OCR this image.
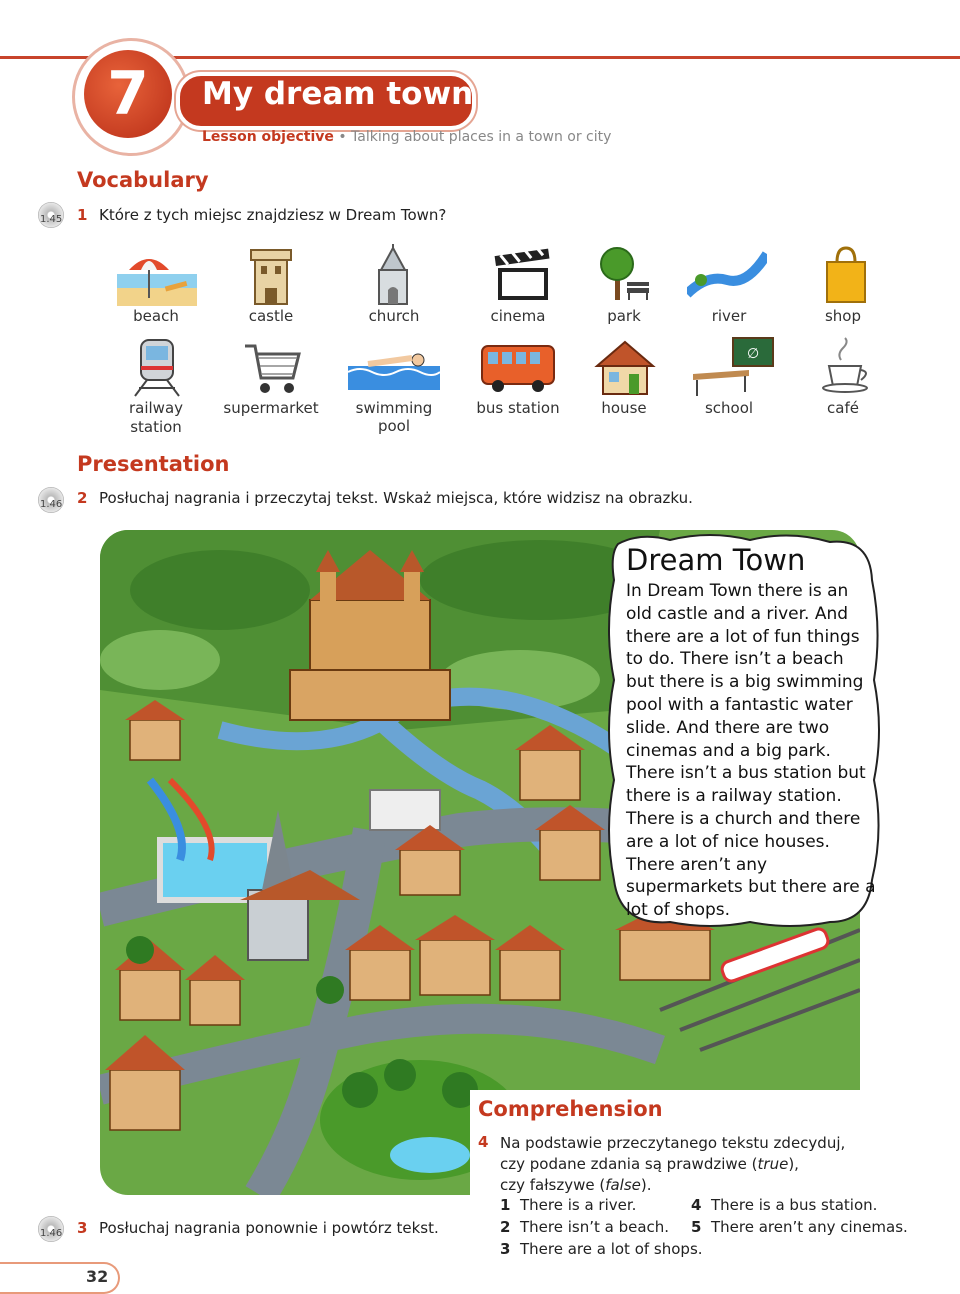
7 My dream town
Lesson objective • Talking about places in a town or city
Vocabulary
1.45 1 Które z tych miejsc znajdziesz w Dream Town?
beach	castle	church	cinema	park	river	shop
∅
railway
station
supermarket	swimming pool
bus station	house	school	café
Presentation
1.46 2 Posłuchaj nagrania i przeczytaj tekst. Wskaż miejsca, które widzisz na obrazku.
Dream Town
In Dream Town there is an old castle and a river. And there are a lot of fun things to do. There isn’t a beach but there is a big swimming pool with a fantastic water slide. And there are two cinemas and a big park. There isn’t a bus station but there is a railway station. There is a church and there are a lot of nice houses. There aren’t any supermarkets but there are a lot of shops.
1.46 3 Posłuchaj nagrania ponownie i powtórz tekst.
Comprehension
4 Na podstawie przeczytanego tekstu zdecyduj,
czy podane zdania są prawdziwe (true),
czy fałszywe (false).
1 There is a river.
2 There isn’t a beach.
3 There are a lot of shops.
4 There is a bus station.
5 There aren’t any cinemas.
32
